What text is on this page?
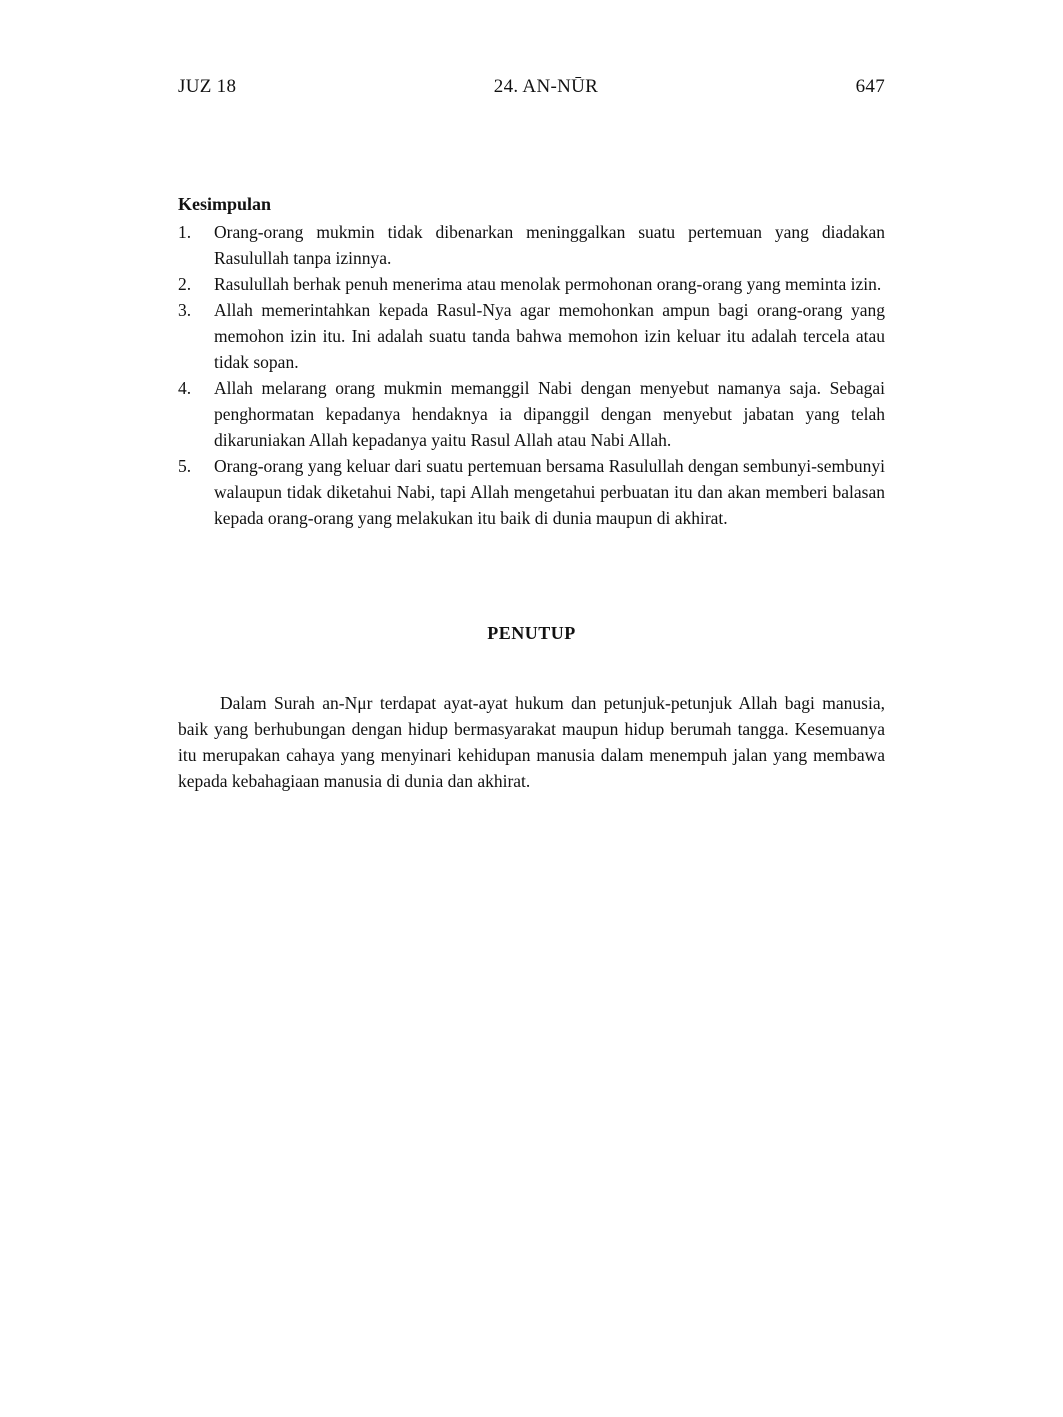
JUZ 18	24. AN-NŪR	647
Kesimpulan
1.	Orang-orang mukmin tidak dibenarkan meninggalkan suatu pertemuan yang diadakan Rasulullah tanpa izinnya.
2.	Rasulullah berhak penuh menerima atau menolak permohonan orang-orang yang meminta izin.
3.	Allah memerintahkan kepada Rasul-Nya agar memohonkan ampun bagi orang-orang yang memohon izin itu. Ini adalah suatu tanda bahwa memohon izin keluar itu adalah tercela atau tidak sopan.
4.	Allah melarang orang mukmin memanggil Nabi dengan menyebut namanya saja. Sebagai penghormatan kepadanya hendaknya ia dipanggil dengan menyebut jabatan yang telah dikaruniakan Allah kepadanya yaitu Rasul Allah atau Nabi Allah.
5.	Orang-orang yang keluar dari suatu pertemuan bersama Rasulullah dengan sembunyi-sembunyi walaupun tidak diketahui Nabi, tapi Allah mengetahui perbuatan itu dan akan memberi balasan kepada orang-orang yang melakukan itu baik di dunia maupun di akhirat.
PENUTUP
Dalam Surah an-Nμr terdapat ayat-ayat hukum dan petunjuk-petunjuk Allah bagi manusia, baik yang berhubungan dengan hidup bermasyarakat maupun hidup berumah tangga. Kesemuanya itu merupakan cahaya yang menyinari kehidupan manusia dalam menempuh jalan yang membawa kepada kebahagiaan manusia di dunia dan akhirat.
